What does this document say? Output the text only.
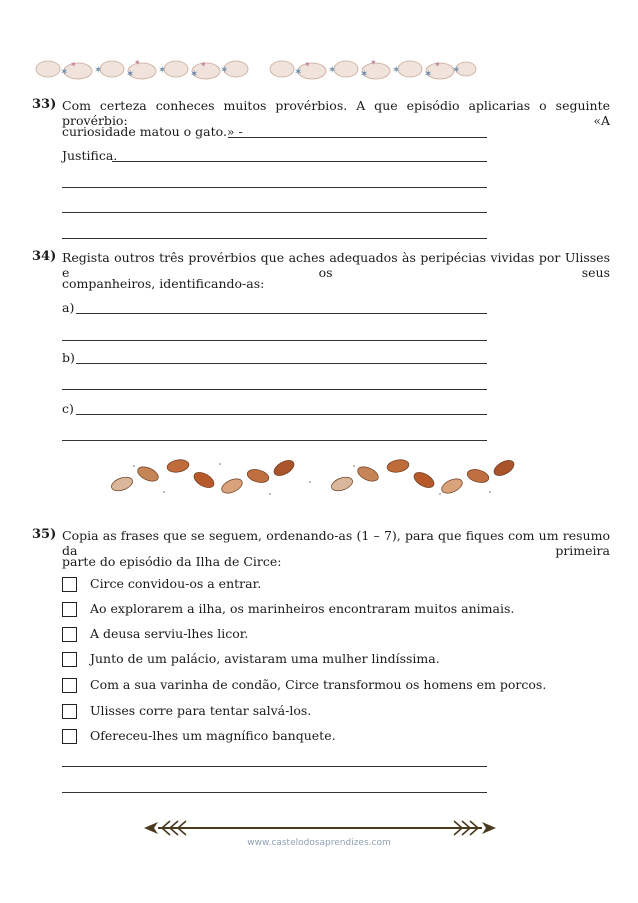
✶	✶ ✶ ✶ ✶ ✶	✶	✶ ✶ ✶ ✶ ✶
✶	✶	✶	✶	✶	✶
33) Com certeza conheces muitos provérbios. A que episódio aplicarias o seguinte provérbio: «A
curiosidade matou o gato.» -
Justifica.
34) Regista outros três provérbios que aches adequados às peripécias vividas por Ulisses e os seus
companheiros, identificando-as:
a)
b)
c)
35) Copia as frases que se seguem, ordenando-as (1 – 7), para que fiques com um resumo da primeira
parte do episódio da Ilha de Circe:
Circe convidou-os a entrar.
Ao explorarem a ilha, os marinheiros encontraram muitos animais.
A deusa serviu-lhes licor.
Junto de um palácio, avistaram uma mulher lindíssima.
Com a sua varinha de condão, Circe transformou os homens em porcos.
Ulisses corre para tentar salvá-los.
Ofereceu-lhes um magnífico banquete.
www.castelodosaprendizes.com
